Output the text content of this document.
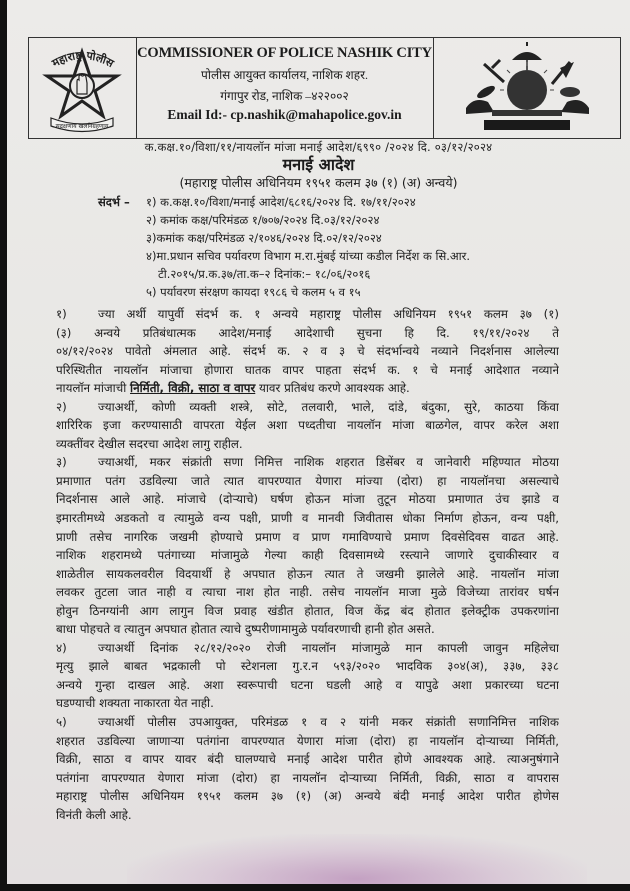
महाराष्ट्र पोलीस
सद्रक्षणाय खलनिग्रहणाय
COMMISSIONER OF POLICE NASHIK CITY
पोलीस आयुक्त कार्यालय, नाशिक शहर.
गंगापुर रोड, नाशिक –४२२००२
Email Id:- cp.nashik@mahapolice.gov.in
क.कक्ष.१०/विशा/११/नायलॉन मांजा मनाई आदेश/६९९० /२०२४ दि. ०३/१२/२०२४
मनाई आदेश
(महाराष्ट्र पोलीस अधिनियम १९५१ कलम ३७ (१) (अ) अन्वये)
संदर्भ – १) क.कक्ष.१०/विशा/मनाई आदेश/६८१६/२०२४ दि. १७/११/२०२४
२) कमांक कक्ष/परिमंडळ १/७०७/२०२४ दि.०३/१२/२०२४
३)कमांक कक्ष/परिमंडळ २/१०४६/२०२४ दि.०२/१२/२०२४
४)मा.प्रधान सचिव पर्यावरण विभाग म.रा.मुंबई यांच्या कडील निर्देश क सि.आर.
टी.२०१५/प्र.क.३७/ता.क–२ दिनांक:– १८/०६/२०१६
५) पर्यावरण संरक्षण कायदा १९८६ चे कलम ५ व १५
१)	ज्या अर्थी यापुर्वी संदर्भ क. १ अन्वये महाराष्ट्र पोलीस अधिनियम १९५१ कलम ३७ (१)
(३) अन्वये प्रतिबंधात्मक आदेश/मनाई आदेशाची सुचना हि दि. १९/११/२०२४ ते
०४/१२/२०२४ पावेतो अंमलात आहे. संदर्भ क. २ व ३ चे संदर्भान्वये नव्याने निदर्शनास आलेल्या
परिस्थितीत नायलॉन मांजाचा होणारा घातक वापर पाहता संदर्भ क. १ चे मनाई आदेशात नव्याने
नायलॉन मांजाची निर्मिती, विक्री, साठा व वापर यावर प्रतिबंध करणे आवश्यक आहे.
२)	ज्याअर्थी, कोणी व्यक्ती शस्त्रे, सोटे, तलवारी, भाले, दांडे, बंदुका, सुरे, काठया किंवा
शारिरिक इजा करण्यासाठी वापरता येईल अशा पध्दतीचा नायलॉन मांजा बाळगेल, वापर करेल अशा
व्यक्तींवर देखील सदरचा आदेश लागु राहील.
३)	ज्याअर्थी, मकर संक्रांती सणा निमित्त नाशिक शहरात डिसेंबर व जानेवारी महिण्यात मोठया
प्रमाणात पतंग उडविल्या जाते त्यात वापरण्यात येणारा मांज्या (दोरा) हा नायलॉनचा असल्याचे
निदर्शनास आले आहे. मांजाचे (दोऱ्याचे) घर्षण होऊन मांजा तुटून मोठया प्रमाणात उंच झाडे व
इमारतीमध्ये अडकतो व त्यामुळे वन्य पक्षी, प्राणी व मानवी जिवीतास धोका निर्माण होऊन, वन्य पक्षी,
प्राणी तसेच नागरिक जखमी होण्याचे प्रमाण व प्राण गमाविण्याचे प्रमाण दिवसेदिवस वाढत आहे.
नाशिक शहरामध्ये पतंगाच्या मांजामुळे गेल्या काही दिवसामध्ये रस्त्याने जाणारे दुचाकीस्वार व
शाळेतील सायकलवरील विदयार्थी हे अपघात होऊन त्यात ते जखमी झालेले आहे. नायलॉन मांजा
लवकर तुटला जात नाही व त्याचा नाश होत नाही. तसेच नायलॉन माजा मुळे विजेच्या तारांवर घर्षन
होवुन ठिनग्यांनी आग लागुन विज प्रवाह खंडीत होतात, विज केंद्र बंद होतात इलेक्ट्रीक उपकरणांना
बाधा पोहचते व त्यातुन अपघात होतात त्याचे दुष्परीणामामुळे पर्यावरणाची हानी होत असते.
४)	ज्याअर्थी दिनांक २८/१२/२०२० रोजी नायलॉन मांजामुळे मान कापली जावुन महिलेचा
मृत्यु झाले बाबत भद्रकाली पो स्टेशनला गु.र.न ५९३/२०२० भादविक ३०४(अ), ३३७, ३३८
अन्वये गुन्हा दाखल आहे. अशा स्वरूपाची घटना घडली आहे व यापुढे अशा प्रकारच्या घटना
घडण्याची शक्यता नाकारता येत नाही.
५)	ज्याअर्थी पोलीस उपआयुक्त, परिमंडळ १ व २ यांनी मकर संक्रांती सणानिमित्त नाशिक
शहरात उडविल्या जाणाऱ्या पतंगांना वापरण्यात येणारा मांजा (दोरा) हा नायलॉन दोऱ्याच्या निर्मिती,
विक्री, साठा व वापर यावर बंदी घालण्याचे मनाई आदेश पारीत होणे आवश्यक आहे. त्याअनुषंगाने
पतंगांना वापरण्यात येणारा मांजा (दोरा) हा नायलॉन दोऱ्याच्या निर्मिती, विक्री, साठा व वापरास
महाराष्ट्र पोलीस अधिनियम १९५१ कलम ३७ (१) (अ) अन्वये बंदी मनाई आदेश पारीत होणेस
विनंती केली आहे.
